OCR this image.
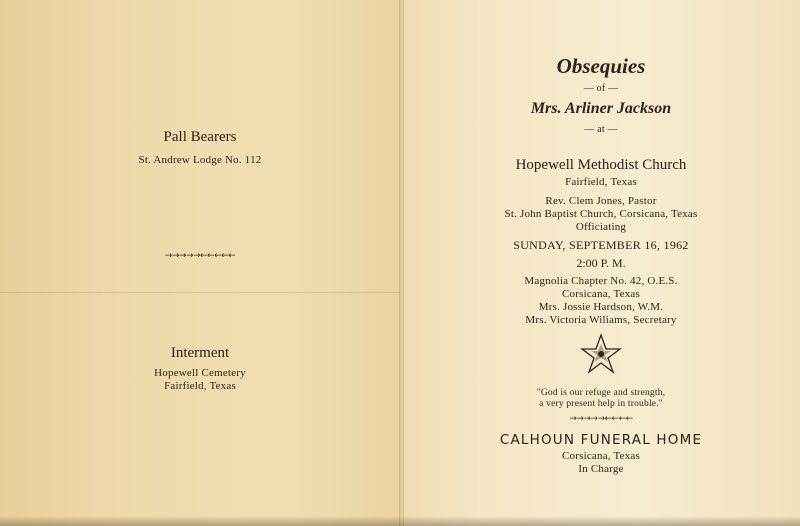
Pall Bearers
St. Andrew Lodge No. 112
→→→→→←←←←←
Interment
Hopewell Cemetery
Fairfield, Texas
Obsequies
— of —
Mrs. Arliner Jackson
— at —
Hopewell Methodist Church
Fairfield, Texas
Rev. Clem Jones, Pastor
St. John Baptist Church, Corsicana, Texas
Officiating
SUNDAY, SEPTEMBER 16, 1962
2:00 P. M.
Magnolia Chapter No. 42, O.E.S.
Corsicana, Texas
Mrs. Jossie Hardson, W.M.
Mrs. Victoria Wiliams, Secretary
"God is our refuge and strength,
a very present help in trouble."
→→→→→←←←←
CALHOUN FUNERAL HOME
Corsicana, Texas
In Charge
